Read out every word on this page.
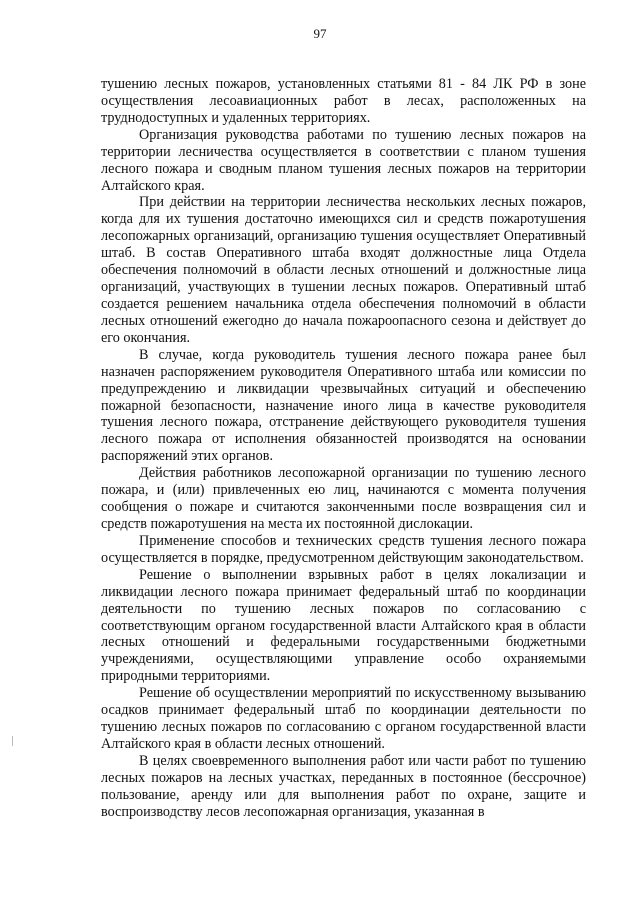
97

тушению лесных пожаров, установленных статьями 81 - 84 ЛК РФ в зоне осуществления лесоавиационных работ в лесах, расположенных на труднодоступных и удаленных территориях.

Организация руководства работами по тушению лесных пожаров на территории лесничества осуществляется в соответствии с планом тушения лесного пожара и сводным планом тушения лесных пожаров на территории Алтайского края.

При действии на территории лесничества нескольких лесных пожаров, когда для их тушения достаточно имеющихся сил и средств пожаротушения лесопожарных организаций, организацию тушения осуществляет Оперативный штаб. В состав Оперативного штаба входят должностные лица Отдела обеспечения полномочий в области лесных отношений и должностные лица организаций, участвующих в тушении лесных пожаров. Оперативный штаб создается решением начальника отдела обеспечения полномочий в области лесных отношений ежегодно до начала пожароопасного сезона и действует до его окончания.

В случае, когда руководитель тушения лесного пожара ранее был назначен распоряжением руководителя Оперативного штаба или комиссии по предупреждению и ликвидации чрезвычайных ситуаций и обеспечению пожарной безопасности, назначение иного лица в качестве руководителя тушения лесного пожара, отстранение действующего руководителя тушения лесного пожара от исполнения обязанностей производятся на основании распоряжений этих органов.

Действия работников лесопожарной организации по тушению лесного пожара, и (или) привлеченных ею лиц, начинаются с момента получения сообщения о пожаре и считаются законченными после возвращения сил и средств пожаротушения на места их постоянной дислокации.

Применение способов и технических средств тушения лесного пожара осуществляется в порядке, предусмотренном действующим законодательством.

Решение о выполнении взрывных работ в целях локализации и ликвидации лесного пожара принимает федеральный штаб по координации деятельности по тушению лесных пожаров по согласованию с соответствующим органом государственной власти Алтайского края в области лесных отношений и федеральными государственными бюджетными учреждениями, осуществляющими управление особо охраняемыми природными территориями.

Решение об осуществлении мероприятий по искусственному вызыванию осадков принимает федеральный штаб по координации деятельности по тушению лесных пожаров по согласованию с органом государственной власти Алтайского края в области лесных отношений.

В целях своевременного выполнения работ или части работ по тушению лесных пожаров на лесных участках, переданных в постоянное (бессрочное) пользование, аренду или для выполнения работ по охране, защите и воспроизводству лесов лесопожарная организация, указанная в
